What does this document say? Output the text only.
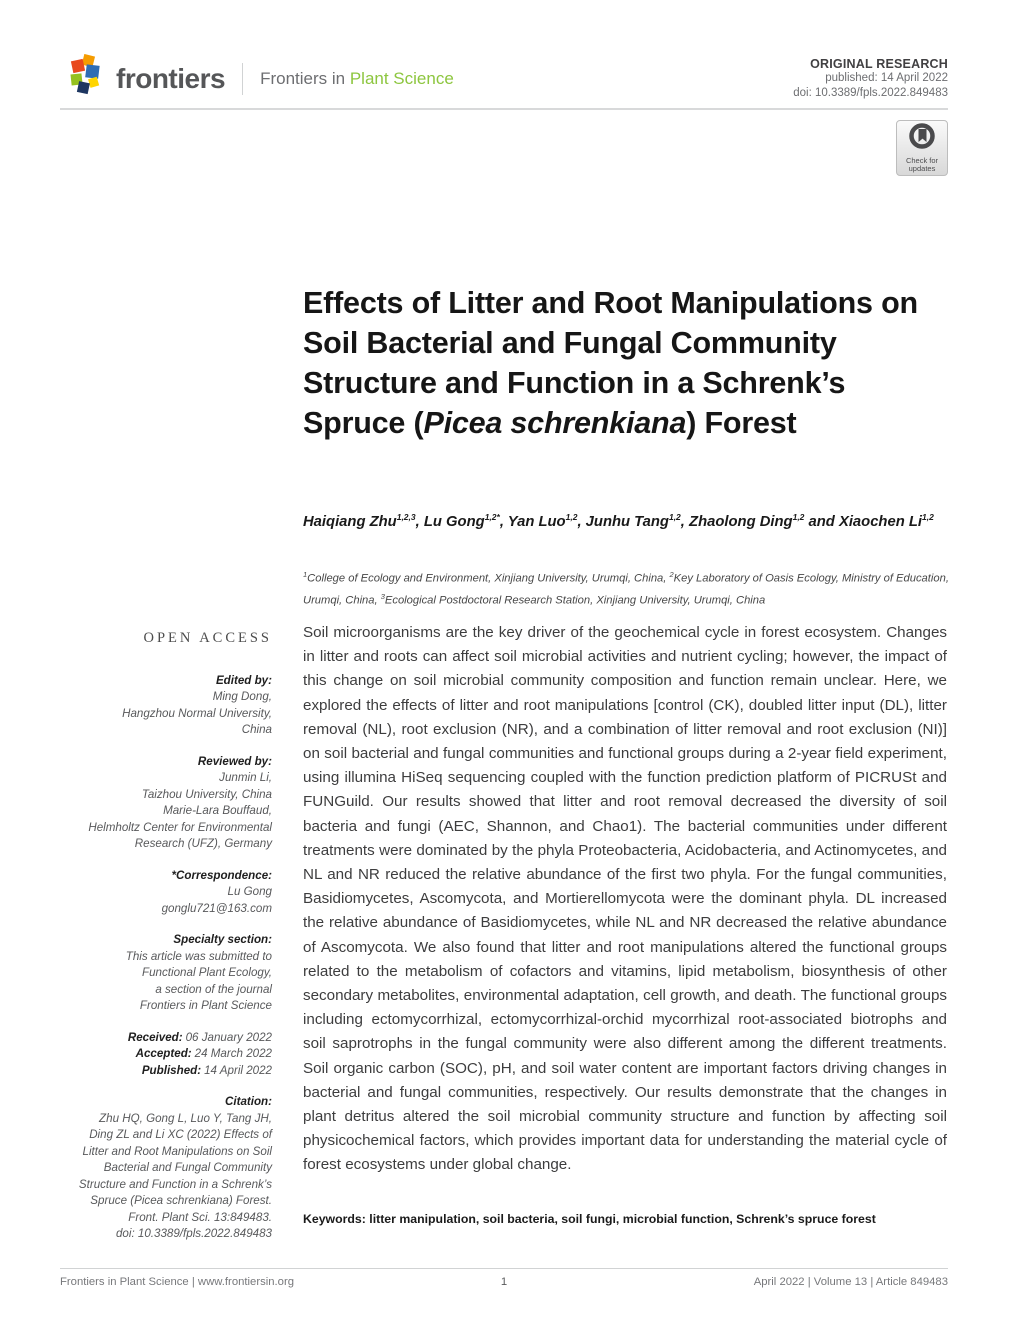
frontiers Frontiers in Plant Science
ORIGINAL RESEARCH
published: 14 April 2022
doi: 10.3389/fpls.2022.849483
Check for
updates
Effects of Litter and Root Manipulations on Soil Bacterial and Fungal Community Structure and Function in a Schrenk’s Spruce (Picea schrenkiana) Forest
Haiqiang Zhu$^{1,2,3}$, Lu Gong$^{1,2*}$, Yan Luo$^{1,2}$, Junhu Tang$^{1,2}$, Zhaolong Ding$^{1,2}$ and Xiaochen Li$^{1,2}$
$^1$College of Ecology and Environment, Xinjiang University, Urumqi, China, $^2$Key Laboratory of Oasis Ecology, Ministry of Education, Urumqi, China, $^3$Ecological Postdoctoral Research Station, Xinjiang University, Urumqi, China
OPEN ACCESS
Edited by:
Ming Dong,
Hangzhou Normal University,
China
Reviewed by:
Junmin Li,
Taizhou University, China
Marie-Lara Bouffaud,
Helmholtz Center for Environmental
Research (UFZ), Germany
*Correspondence:
Lu Gong
gonglu721@163.com
Specialty section:
This article was submitted to
Functional Plant Ecology,
a section of the journal
Frontiers in Plant Science
Received: 06 January 2022
Accepted: 24 March 2022
Published: 14 April 2022
Citation:
Zhu HQ, Gong L, Luo Y, Tang JH,
Ding ZL and Li XC (2022) Effects of
Litter and Root Manipulations on Soil
Bacterial and Fungal Community
Structure and Function in a Schrenk’s
Spruce (Picea schrenkiana) Forest.
Front. Plant Sci. 13:849483.
doi: 10.3389/fpls.2022.849483
Soil microorganisms are the key driver of the geochemical cycle in forest ecosystem. Changes in litter and roots can affect soil microbial activities and nutrient cycling; however, the impact of this change on soil microbial community composition and function remain unclear. Here, we explored the effects of litter and root manipulations [control (CK), doubled litter input (DL), litter removal (NL), root exclusion (NR), and a combination of litter removal and root exclusion (NI)] on soil bacterial and fungal communities and functional groups during a 2-year field experiment, using illumina HiSeq sequencing coupled with the function prediction platform of PICRUSt and FUNGuild. Our results showed that litter and root removal decreased the diversity of soil bacteria and fungi (AEC, Shannon, and Chao1). The bacterial communities under different treatments were dominated by the phyla Proteobacteria, Acidobacteria, and Actinomycetes, and NL and NR reduced the relative abundance of the first two phyla. For the fungal communities, Basidiomycetes, Ascomycota, and Mortierellomycota were the dominant phyla. DL increased the relative abundance of Basidiomycetes, while NL and NR decreased the relative abundance of Ascomycota. We also found that litter and root manipulations altered the functional groups related to the metabolism of cofactors and vitamins, lipid metabolism, biosynthesis of other secondary metabolites, environmental adaptation, cell growth, and death. The functional groups including ectomycorrhizal, ectomycorrhizal-orchid mycorrhizal root-associated biotrophs and soil saprotrophs in the fungal community were also different among the different treatments. Soil organic carbon (SOC), pH, and soil water content are important factors driving changes in bacterial and fungal communities, respectively. Our results demonstrate that the changes in plant detritus altered the soil microbial community structure and function by affecting soil physicochemical factors, which provides important data for understanding the material cycle of forest ecosystems under global change.
Keywords: litter manipulation, soil bacteria, soil fungi, microbial function, Schrenk’s spruce forest
Frontiers in Plant Science | www.frontiersin.org	1	April 2022 | Volume 13 | Article 849483
